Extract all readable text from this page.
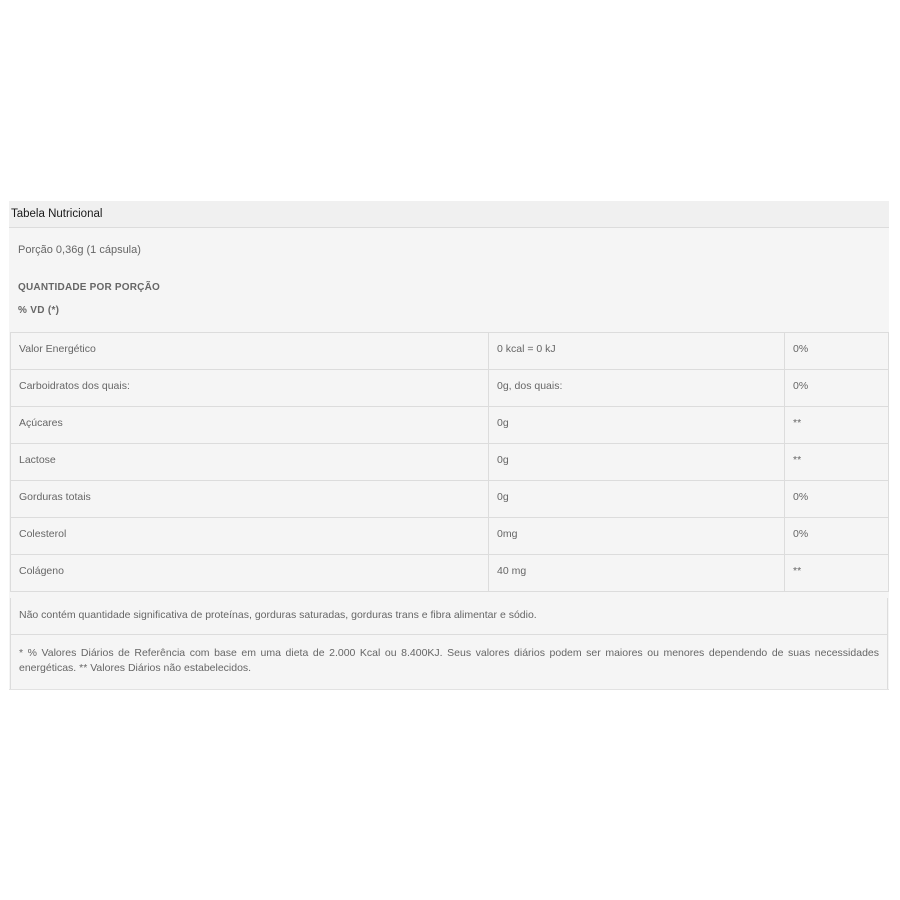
Tabela Nutricional
Porção 0,36g (1 cápsula)
QUANTIDADE POR PORÇÃO
% VD (*)
Valor Energético	0 kcal = 0 kJ	0%

Carboidratos dos quais:	0g, dos quais:	0%

Açúcares	0g	**

Lactose	0g	**

Gorduras totais	0g	0%

Colesterol	0mg	0%

Colágeno	40 mg	**
Não contém quantidade significativa de proteínas, gorduras saturadas, gorduras trans e fibra alimentar e sódio.
* % Valores Diários de Referência com base em uma dieta de 2.000 Kcal ou 8.400KJ. Seus valores diários podem ser maiores ou menores dependendo de suas necessidades energéticas. ** Valores Diários não estabelecidos.
